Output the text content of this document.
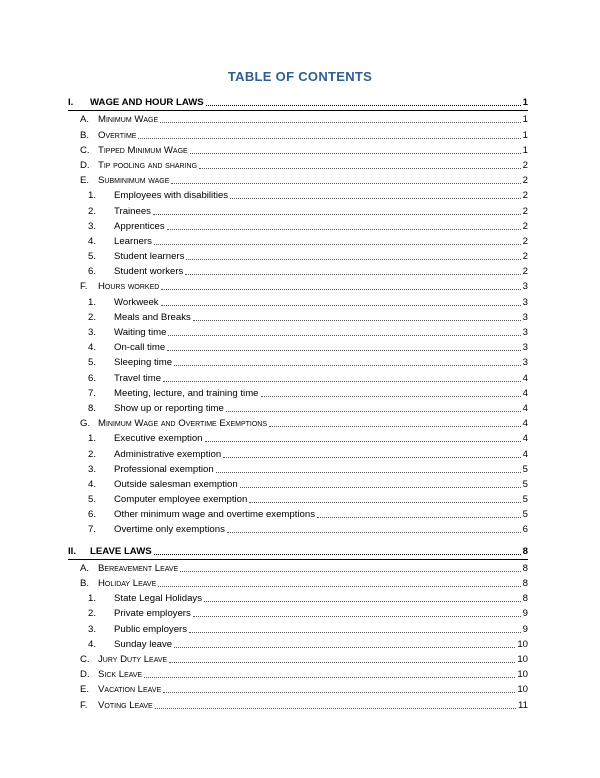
TABLE OF CONTENTS
I.	WAGE AND HOUR LAWS	1
A. Minimum Wage	1
B. Overtime	1
C. Tipped Minimum Wage	1
D. Tip pooling and sharing	2
E. Subminimum wage	2
1.	Employees with disabilities	2
2.	Trainees	2
3.	Apprentices	2
4.	Learners	2
5.	Student learners	2
6.	Student workers	2
F.	Hours worked	3
1.	Workweek	3
2.	Meals and Breaks	3
3.	Waiting time	3
4.	On-call time	3
5.	Sleeping time	3
6.	Travel time	4
7.	Meeting, lecture, and training time	4
8.	Show up or reporting time	4
G. Minimum Wage and Overtime Exemptions	4
1.	Executive exemption	4
2.	Administrative exemption	4
3.	Professional exemption	5
4.	Outside salesman exemption	5
5.	Computer employee exemption	5
6.	Other minimum wage and overtime exemptions	5
7.	Overtime only exemptions	6
II.	LEAVE LAWS	8
A. Bereavement Leave	8
B. Holiday Leave	8
1.	State Legal Holidays	8
2.	Private employers	9
3.	Public employers	9
4.	Sunday leave	10
C. Jury Duty Leave	10
D. Sick Leave	10
E. Vacation Leave	10
F.	Voting Leave	11
